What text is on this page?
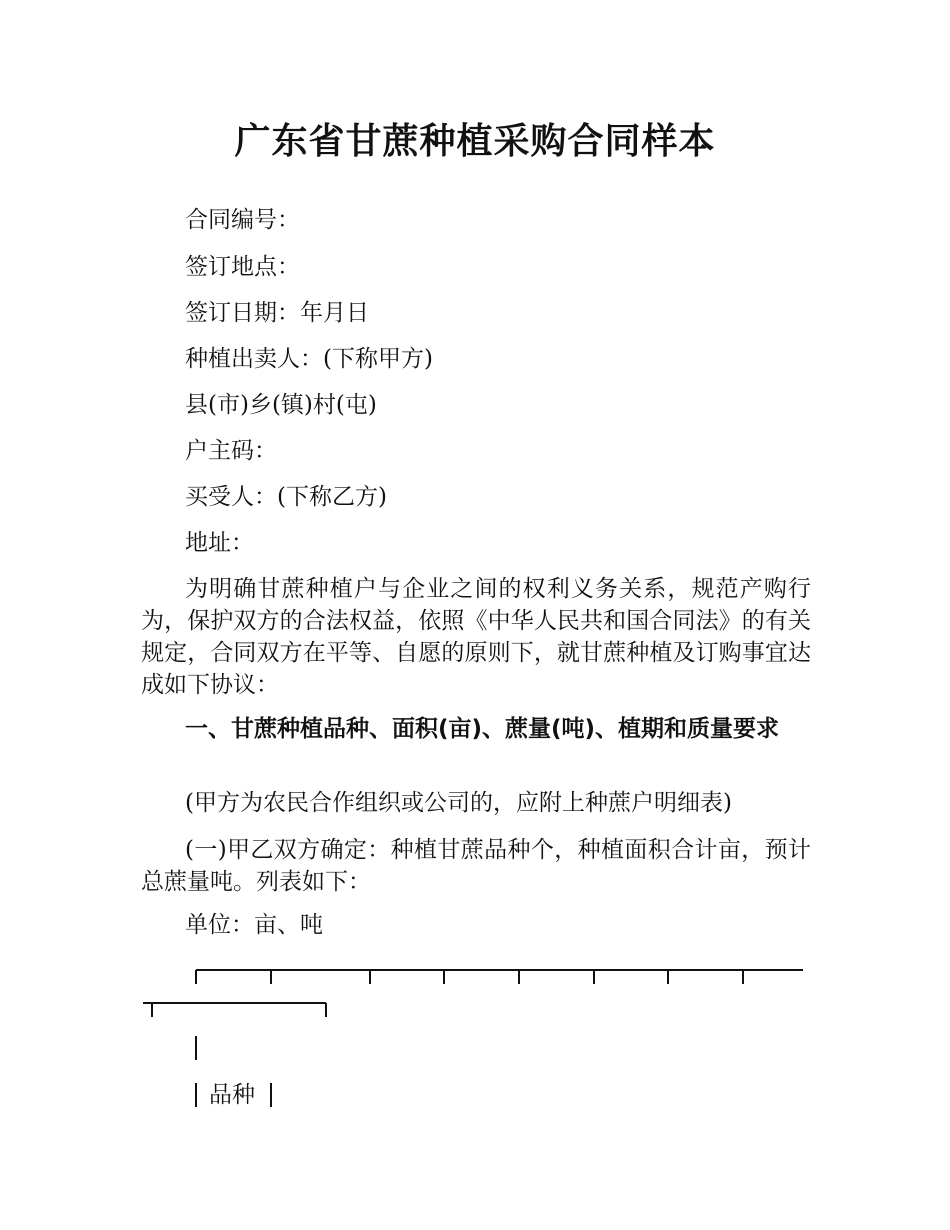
广东省甘蔗种植采购合同样本
合同编号：
签订地点：
签订日期：年月日
种植出卖人：(下称甲方)
县(市)乡(镇)村(屯)
户主码：
买受人：(下称乙方)
地址：
为明确甘蔗种植户与企业之间的权利义务关系，规范产购行为，保护双方的合法权益，依照《中华人民共和国合同法》的有关规定，合同双方在平等、自愿的原则下，就甘蔗种植及订购事宜达成如下协议：
一、甘蔗种植品种、面积(亩)、蔗量(吨)、植期和质量要求
(甲方为农民合作组织或公司的，应附上种蔗户明细表)
(一)甲乙双方确定：种植甘蔗品种个，种植面积合计亩，预计总蔗量吨。列表如下：
单位：亩、吨
品种
